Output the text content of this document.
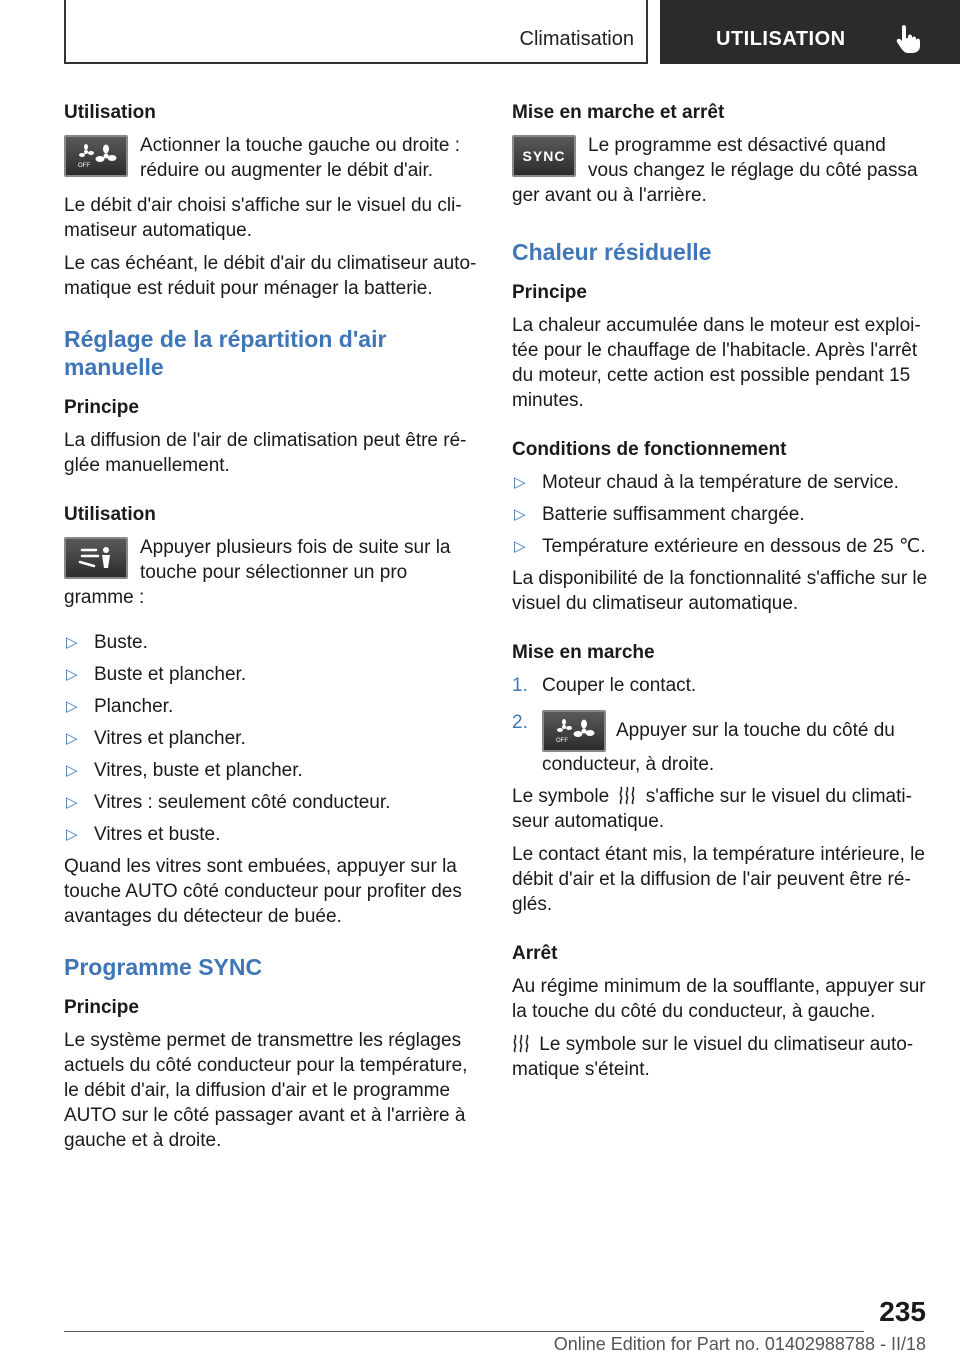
Climatisation	UTILISATION
Utilisation
OFF
Actionner la touche gauche ou droite : réduire ou augmenter le débit d'air.

Le débit d'air choisi s'affiche sur le visuel du climatiseur automatique.

Le cas échéant, le débit d'air du climatiseur automatique est réduit pour ménager la batterie.

Réglage de la répartition d'air manuelle
Principe

La diffusion de l'air de climatisation peut être réglée manuellement.

Utilisation
Appuyer plusieurs fois de suite sur la touche pour sélectionner un pro

gramme :

▷ Buste.
▷ Buste et plancher.
▷ Plancher.
▷ Vitres et plancher.
▷ Vitres, buste et plancher.
▷ Vitres : seulement côté conducteur.
▷ Vitres et buste.

Quand les vitres sont embuées, appuyer sur la touche AUTO côté conducteur pour profiter des avantages du détecteur de buée.

Programme SYNC
Principe

Le système permet de transmettre les réglages actuels du côté conducteur pour la température, le débit d'air, la diffusion d'air et le programme AUTO sur le côté passager avant et à l'arrière à gauche et à droite.

Mise en marche et arrêt
SYNC	Le programme est désactivé quand vous changez le réglage du côté passa

ger avant ou à l'arrière.

Chaleur résiduelle
Principe

La chaleur accumulée dans le moteur est exploitée pour le chauffage de l'habitacle. Après l'arrêt du moteur, cette action est possible pendant 15 minutes.

Conditions de fonctionnement
▷ Moteur chaud à la température de service.
▷ Batterie suffisamment chargée.
▷ Température extérieure en dessous de 25 ℃.

La disponibilité de la fonctionnalité s'affiche sur le visuel du climatiseur automatique.

Mise en marche
1. Couper le contact.
2.
OFF	Appuyer sur la touche du côté du conducteur, à droite.

Le symbole s'affiche sur le visuel du climatiseur automatique.

Le contact étant mis, la température intérieure, le débit d'air et la diffusion de l'air peuvent être réglés.

Arrêt

Au régime minimum de la soufflante, appuyer sur la touche du côté du conducteur, à gauche.

Le symbole sur le visuel du climatiseur automatique s'éteint.

235
Online Edition for Part no. 01402988788 - II/18
